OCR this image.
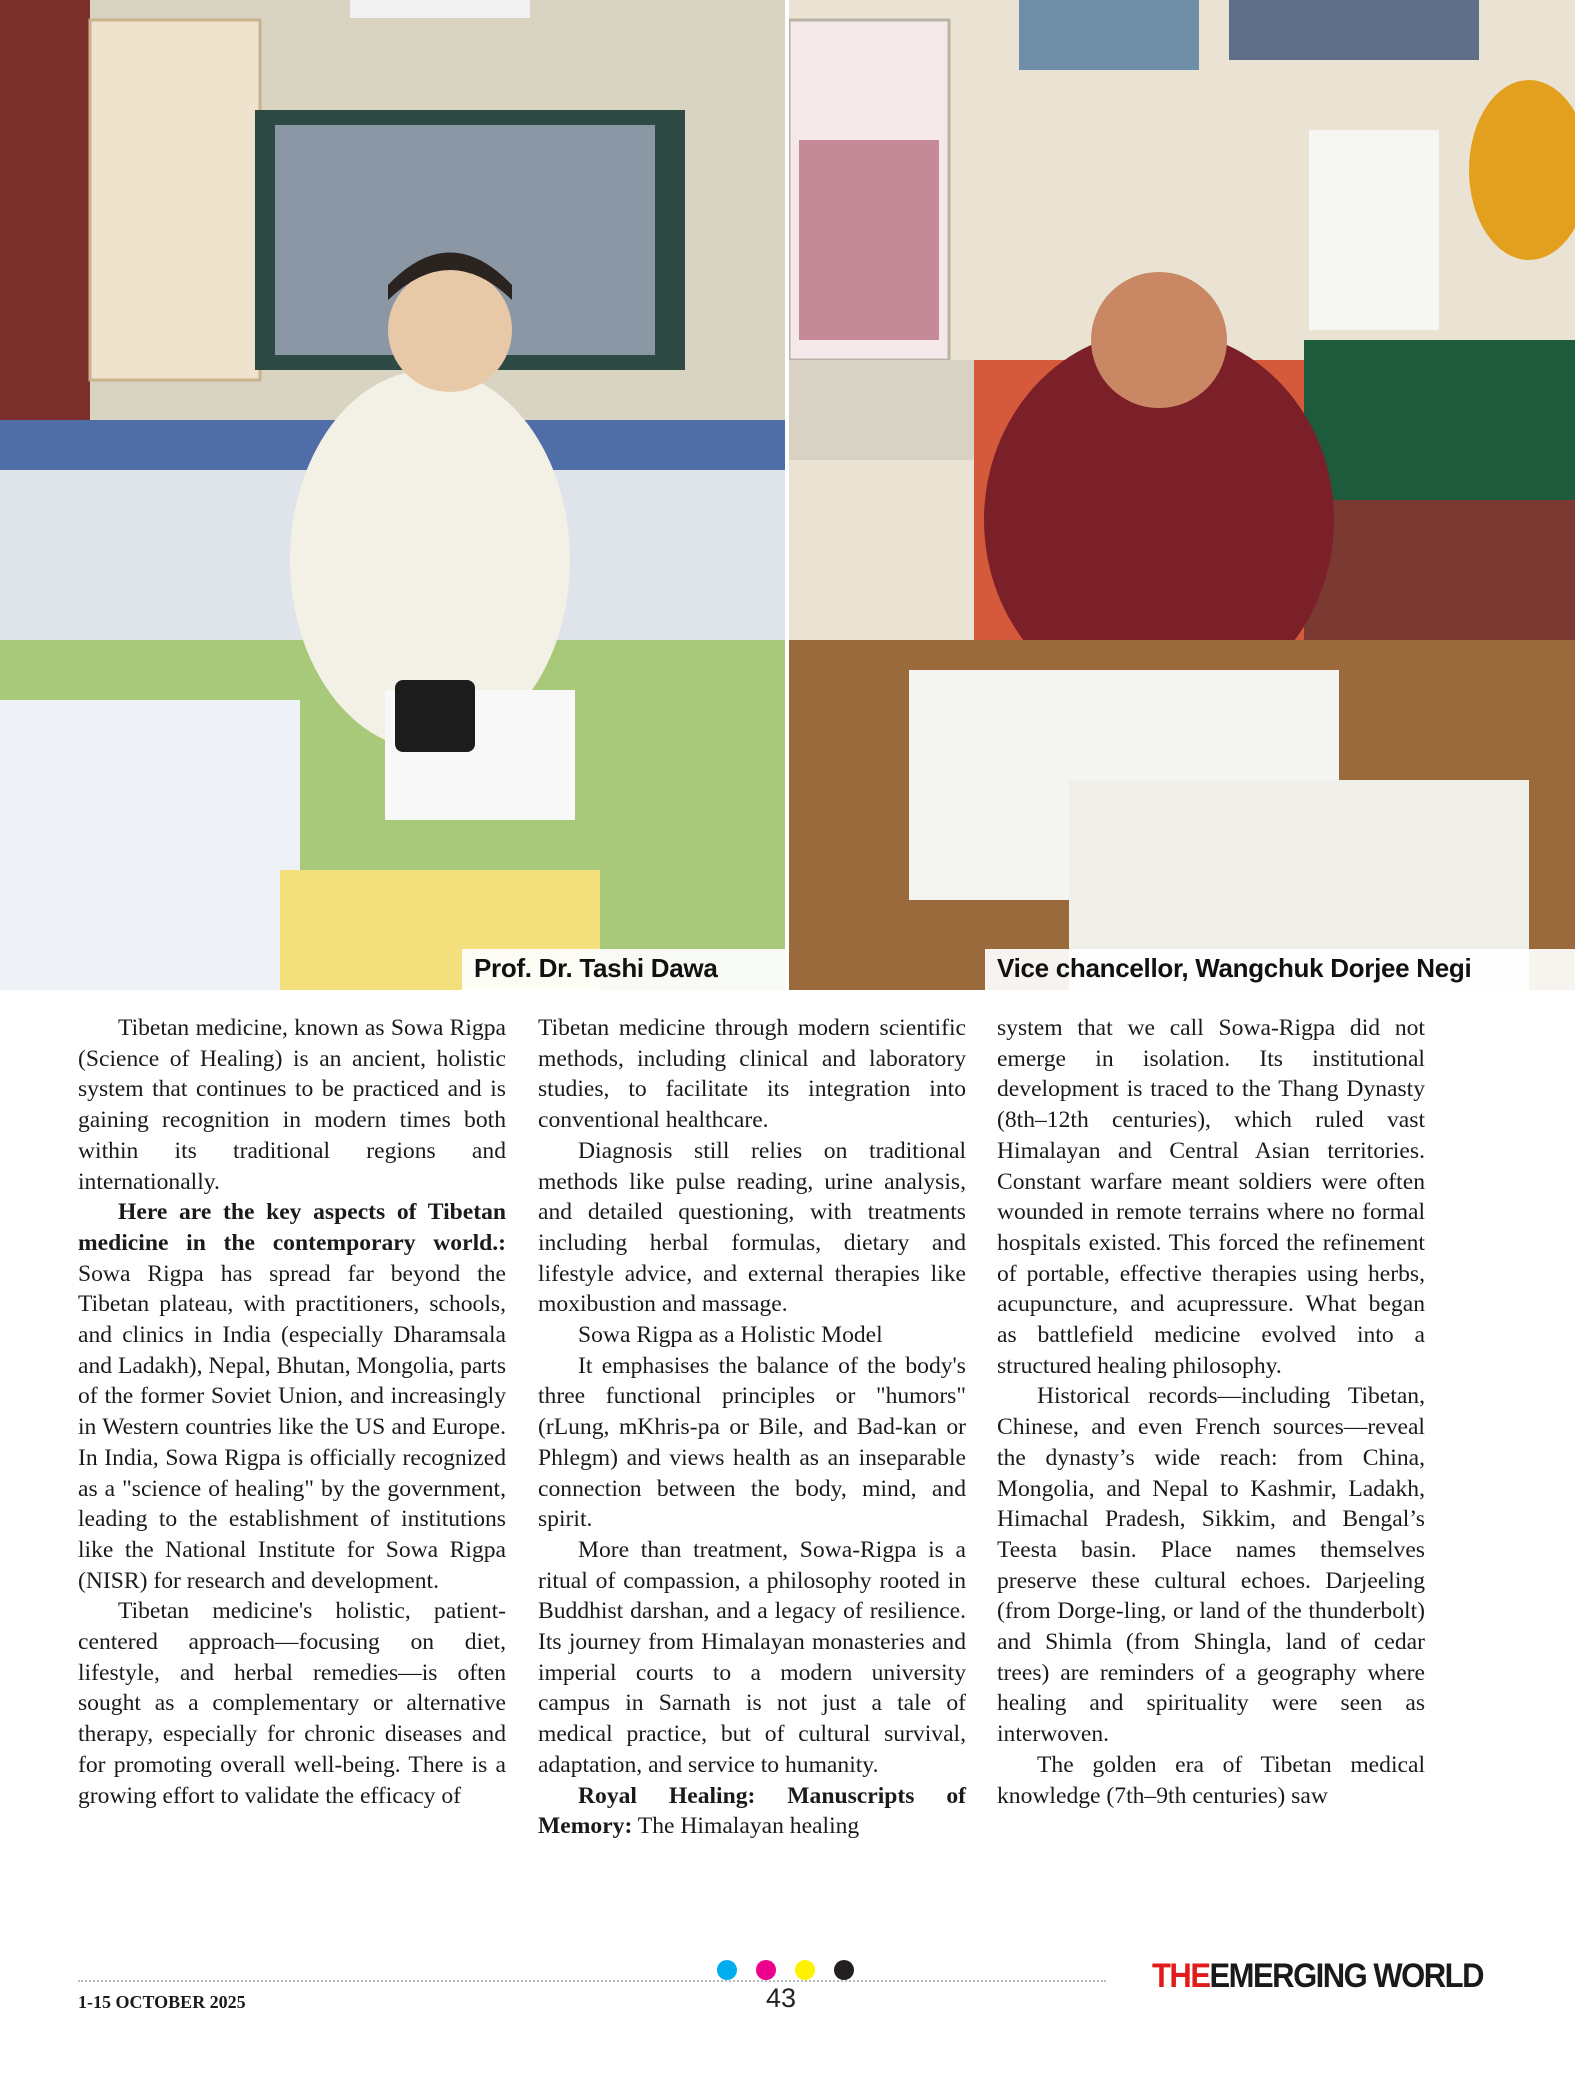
Prof. Dr. Tashi Dawa	Vice chancellor, Wangchuk Dorjee Negi

Tibetan medicine, known as Sowa Rigpa (Science of Healing) is an ancient, holistic system that continues to be practiced and is gaining recognition in modern times both within its traditional regions and internationally.

Here are the key aspects of Tibetan medicine in the contemporary world.: Sowa Rigpa has spread far beyond the Tibetan plateau, with practitioners, schools, and clinics in India (especially Dharamsala and Ladakh), Nepal, Bhutan, Mongolia, parts of the former Soviet Union, and increasingly in Western countries like the US and Europe. In India, Sowa Rigpa is officially recognized as a "science of healing" by the government, leading to the establishment of institutions like the National Institute for Sowa Rigpa (NISR) for research and development.

Tibetan medicine's holistic, patient-centered approach—focusing on diet, lifestyle, and herbal remedies—is often sought as a complementary or alternative therapy, especially for chronic diseases and for promoting overall well-being. There is a growing effort to validate the efficacy of

Tibetan medicine through modern scientific methods, including clinical and laboratory studies, to facilitate its integration into conventional healthcare.

Diagnosis still relies on traditional methods like pulse reading, urine analysis, and detailed questioning, with treatments including herbal formulas, dietary and lifestyle advice, and external therapies like moxibustion and massage.

Sowa Rigpa as a Holistic Model

It emphasises the balance of the body's three functional principles or "humors" (rLung, mKhris-pa or Bile, and Bad-kan or Phlegm) and views health as an inseparable connection between the body, mind, and spirit.

More than treatment, Sowa-Rigpa is a ritual of compassion, a philosophy rooted in Buddhist darshan, and a legacy of resilience. Its journey from Himalayan monasteries and imperial courts to a modern university campus in Sarnath is not just a tale of medical practice, but of cultural survival, adaptation, and service to humanity.

Royal Healing: Manuscripts of Memory: The Himalayan healing

system that we call Sowa-Rigpa did not emerge in isolation. Its institutional development is traced to the Thang Dynasty (8th–12th centuries), which ruled vast Himalayan and Central Asian territories. Constant warfare meant soldiers were often wounded in remote terrains where no formal hospitals existed. This forced the refinement of portable, effective therapies using herbs, acupuncture, and acupressure. What began as battlefield medicine evolved into a structured healing philosophy.

Historical records—including Tibetan, Chinese, and even French sources—reveal the dynasty’s wide reach: from China, Mongolia, and Nepal to Kashmir, Ladakh, Himachal Pradesh, Sikkim, and Bengal’s Teesta basin. Place names themselves preserve these cultural echoes. Darjeeling (from Dorge-ling, or land of the thunderbolt) and Shimla (from Shingla, land of cedar trees) are reminders of a geography where healing and spirituality were seen as interwoven.

The golden era of Tibetan medical knowledge (7th–9th centuries) saw

1-15 OCTOBER 2025	43
THEEMERGING WORLD
